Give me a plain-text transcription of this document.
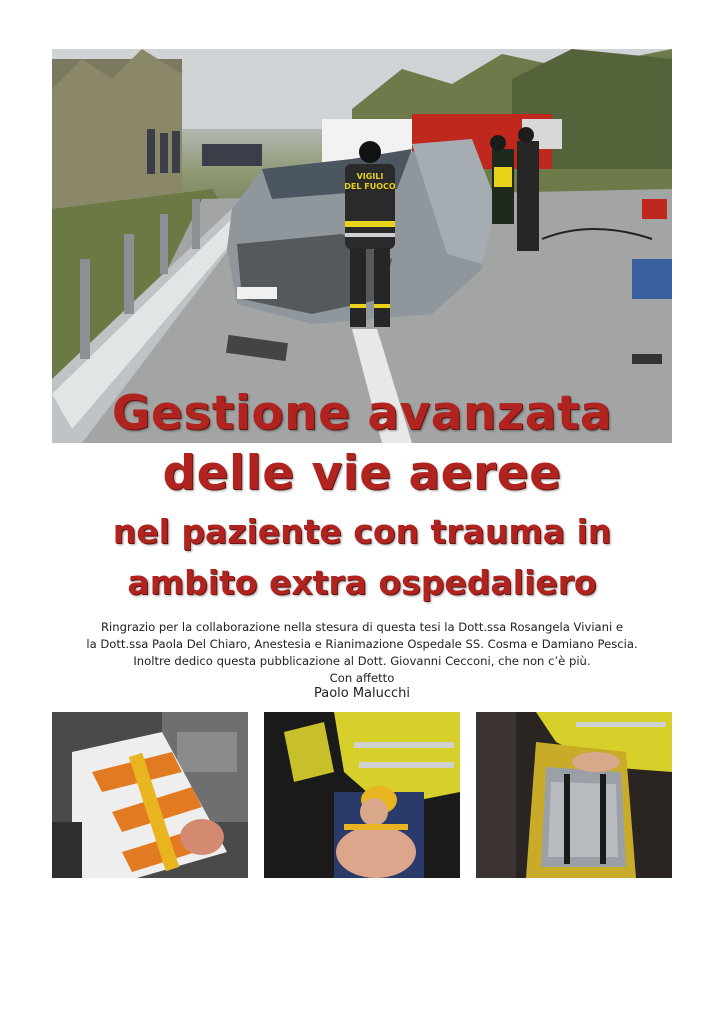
VIGILI
DEL FUOCO
Gestione avanzata
delle vie aeree
nel paziente con trauma in
ambito extra ospedaliero

Ringrazio per la collaborazione nella stesura di questa tesi la Dott.ssa Rosangela Viviani e

la Dott.ssa Paola Del Chiaro, Anestesia e Rianimazione Ospedale SS. Cosma e Damiano Pescia.

Inoltre dedico questa pubblicazione al Dott. Giovanni Cecconi, che non c’è più.

Con affetto

Paolo Malucchi
